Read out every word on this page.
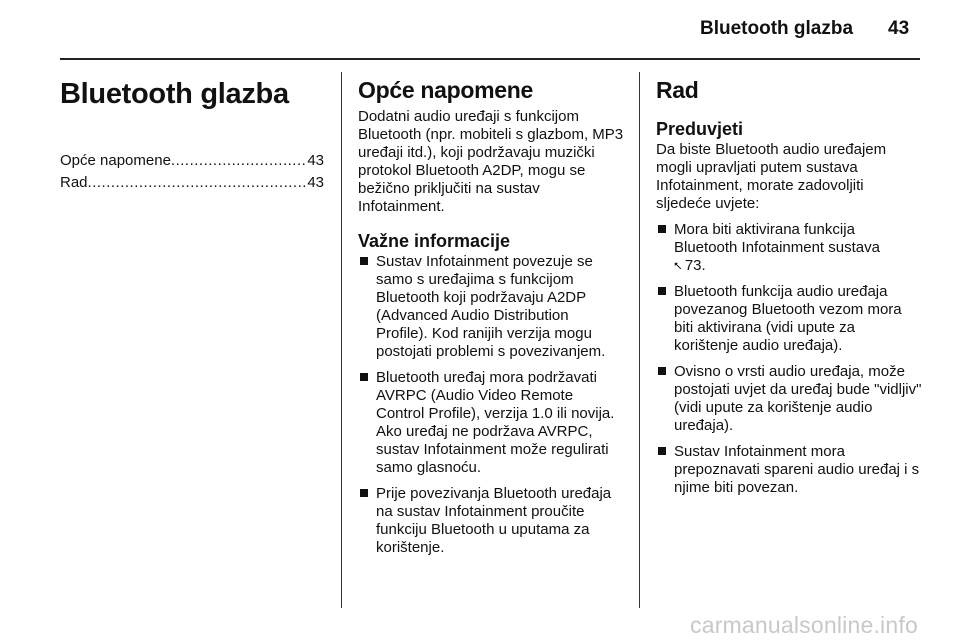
Bluetooth glazba 43
Bluetooth glazba
Opće napomene .....	43
Rad .....	43
Opće napomene

Dodatni audio uređaji s funkcijom Bluetooth (npr. mobiteli s glazbom, MP3 uređaji itd.), koji podržavaju muzički protokol Bluetooth A2DP, mogu se bežično priključiti na sustav Infotainment.

Važne informacije
Sustav Infotainment povezuje se samo s uređajima s funkcijom Bluetooth koji podržavaju A2DP (Advanced Audio Distribution Profile). Kod ranijih verzija mogu postojati problemi s povezivanjem.
Bluetooth uređaj mora podržavati AVRPC (Audio Video Remote Control Profile), verzija 1.0 ili novija. Ako uređaj ne podržava AVRPC, sustav Infotainment može regulirati samo glasnoću.
Prije povezivanja Bluetooth uređaja na sustav Infotainment proučite funkciju Bluetooth u uputama za korištenje.
Rad
Preduvjeti

Da biste Bluetooth audio uređajem mogli upravljati putem sustava Infotainment, morate zadovoljiti sljedeće uvjete:

Mora biti aktivirana funkcija Bluetooth Infotainment sustava
⭦ 73.
Bluetooth funkcija audio uređaja povezanog Bluetooth vezom mora biti aktivirana (vidi upute za korištenje audio uređaja).
Ovisno o vrsti audio uređaja, može postojati uvjet da uređaj bude "vidljiv" (vidi upute za korištenje audio uređaja).
Sustav Infotainment mora prepoznavati spareni audio uređaj i s njime biti povezan.
carmanualsonline.info
